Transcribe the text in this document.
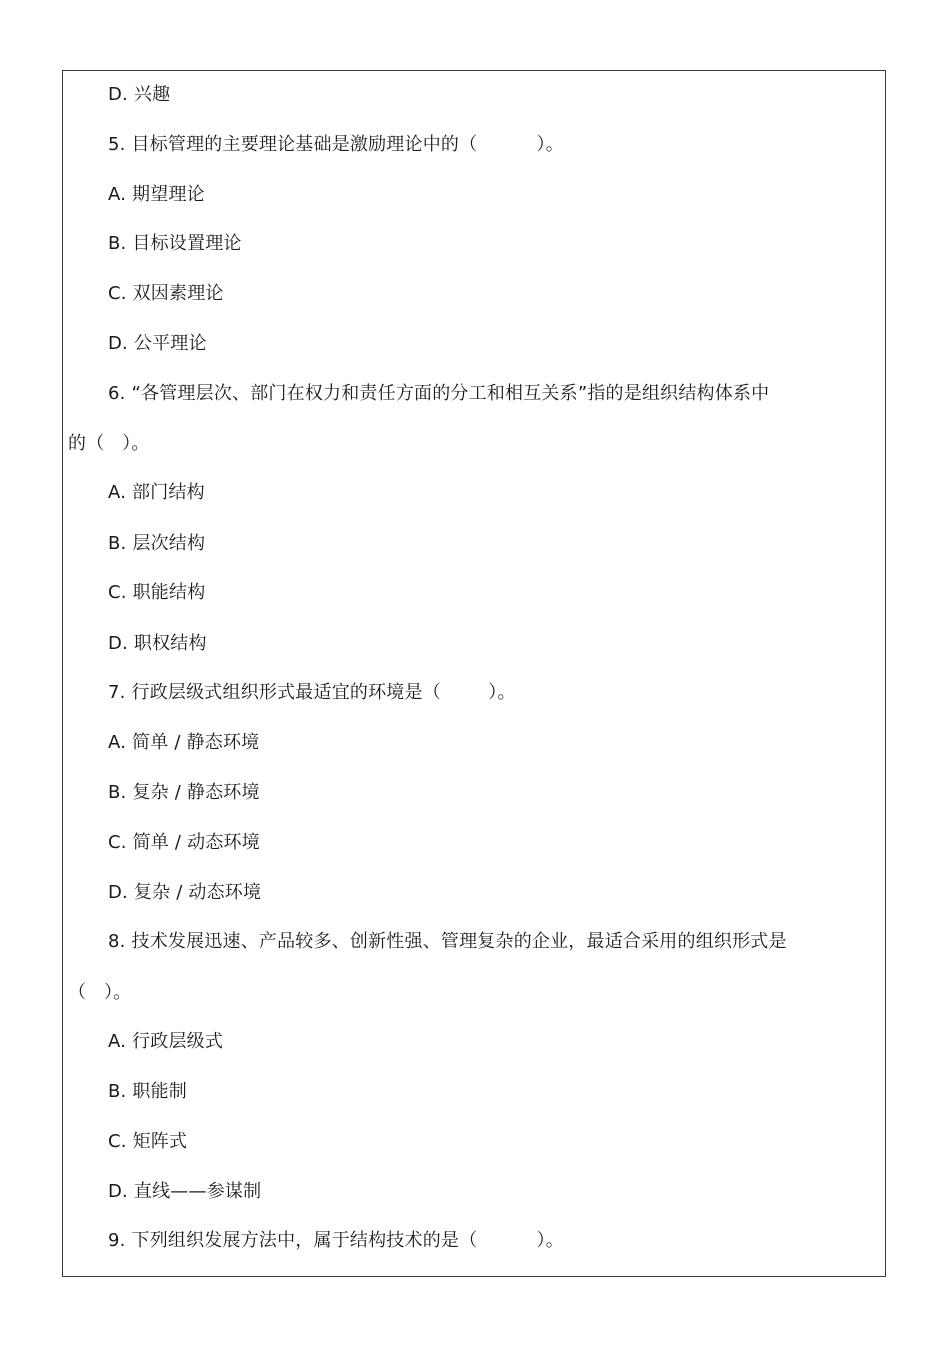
D. 兴趣
5. 目标管理的主要理论基础是激励理论中的（          ）。
A. 期望理论
B. 目标设置理论
C. 双因素理论
D. 公平理论
6. “各管理层次、部门在权力和责任方面的分工和相互关系”指的是组织结构体系中
的（   ）。
A. 部门结构
B. 层次结构
C. 职能结构
D. 职权结构
7. 行政层级式组织形式最适宜的环境是（        ）。
A. 简单 / 静态环境
B. 复杂 / 静态环境
C. 简单 / 动态环境
D. 复杂 / 动态环境
8. 技术发展迅速、产品较多、创新性强、管理复杂的企业，最适合采用的组织形式是
（   ）。
A. 行政层级式
B. 职能制
C. 矩阵式
D. 直线——参谋制
9. 下列组织发展方法中，属于结构技术的是（          ）。
